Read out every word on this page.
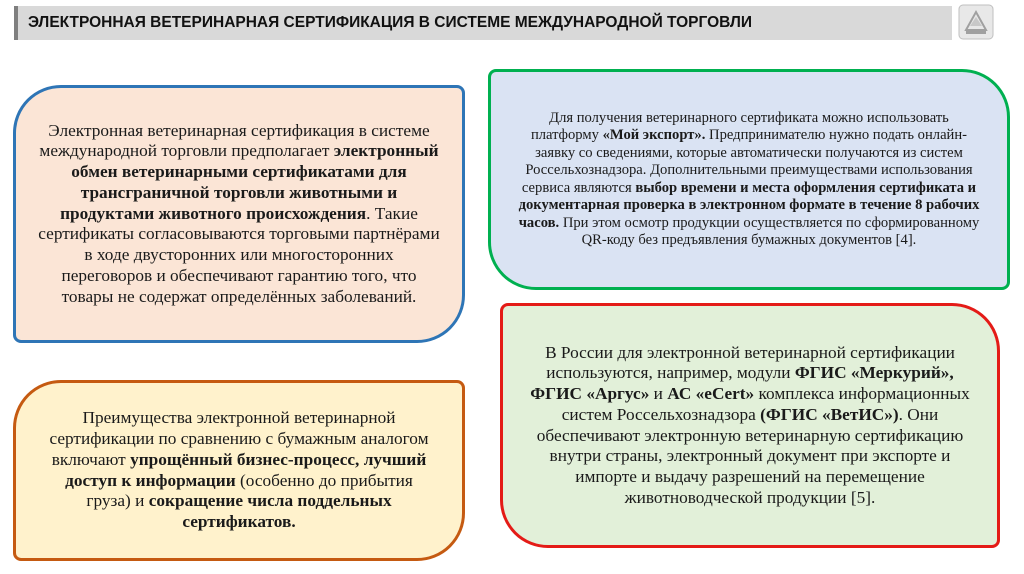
ЭЛЕКТРОННАЯ ВЕТЕРИНАРНАЯ СЕРТИФИКАЦИЯ В СИСТЕМЕ МЕЖДУНАРОДНОЙ ТОРГОВЛИ

Электронная ветеринарная сертификация в системе международной торговли предполагает электронный обмен ветеринарными сертификатами для трансграничной торговли животными и продуктами животного происхождения. Такие сертификаты согласовываются торговыми партнёрами в ходе двусторонних или многосторонних переговоров и обеспечивают гарантию того, что товары не содержат определённых заболеваний.

Для получения ветеринарного сертификата можно использовать платформу «Мой экспорт». Предпринимателю нужно подать онлайн-заявку со сведениями, которые автоматически получаются из систем Россельхознадзора. Дополнительными преимуществами использования сервиса являются выбор времени и места оформления сертификата и документарная проверка в электронном формате в течение 8 рабочих часов. При этом осмотр продукции осуществляется по сформированному QR-коду без предъявления бумажных документов [4].

Преимущества электронной ветеринарной сертификации по сравнению с бумажным аналогом включают упрощённый бизнес-процесс, лучший доступ к информации (особенно до прибытия груза) и сокращение числа поддельных сертификатов.

В России для электронной ветеринарной сертификации используются, например, модули ФГИС «Меркурий», ФГИС «Аргус» и АС «eCert» комплекса информационных систем Россельхознадзора (ФГИС «ВетИС»). Они обеспечивают электронную ветеринарную сертификацию внутри страны, электронный документ при экспорте и импорте и выдачу разрешений на перемещение животноводческой продукции [5].
